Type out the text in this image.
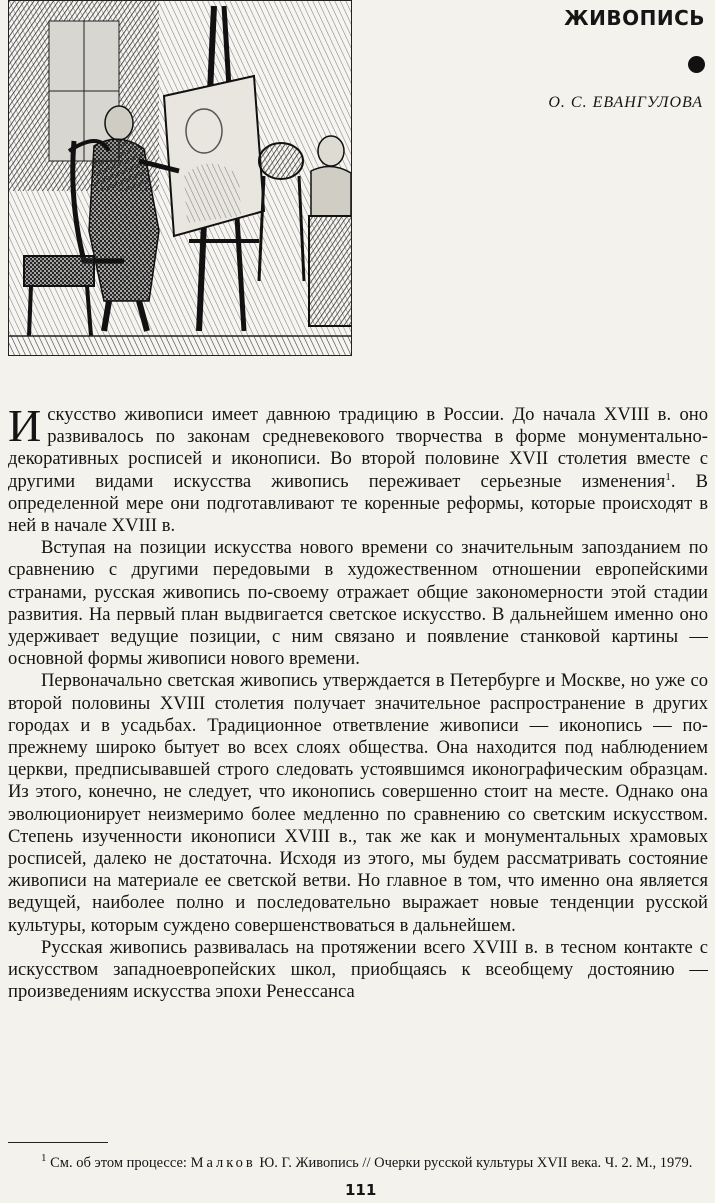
ЖИВОПИСЬ
О. С. ЕВАНГУЛОВА

Искусство живописи имеет давнюю традицию в России. До начала XVIII в. оно развивалось по законам средневекового творчества в форме монументально-декоративных росписей и иконописи. Во второй половине XVII столетия вместе с другими видами искусства живопись переживает серьезные изменения$^1$. В определенной мере они подготавливают те коренные реформы, которые происходят в ней в начале XVIII в.

Вступая на позиции искусства нового времени со значительным запозданием по сравнению с другими передовыми в художественном отношении европейскими странами, русская живопись по-своему отражает общие закономерности этой стадии развития. На первый план выдвигается светское искусство. В дальнейшем именно оно удерживает ведущие позиции, с ним связано и появление станковой картины — основной формы живописи нового времени.

Первоначально светская живопись утверждается в Петербурге и Москве, но уже со второй половины XVIII столетия получает значительное распространение в других городах и в усадьбах. Традиционное ответвление живописи — иконопись — по-прежнему широко бытует во всех слоях общества. Она находится под наблюдением церкви, предписывавшей строго следовать устоявшимся иконографическим образцам. Из этого, конечно, не следует, что иконопись совершенно стоит на месте. Однако она эволюционирует неизмеримо более медленно по сравнению со светским искусством. Степень изученности иконописи XVIII в., так же как и монументальных храмовых росписей, далеко не достаточна. Исходя из этого, мы будем рассматривать состояние живописи на материале ее светской ветви. Но главное в том, что именно она является ведущей, наиболее полно и последовательно выражает новые тенденции русской культуры, которым суждено совершенствоваться в дальнейшем.

Русская живопись развивалась на протяжении всего XVIII в. в тесном контакте с искусством западноевропейских школ, приобщаясь к всеобщему достоянию — произведениям искусства эпохи Ренессанса

$^1$ См. об этом процессе: Малков Ю. Г. Живопись // Очерки русской культуры XVII века. Ч. 2. М., 1979.
111
